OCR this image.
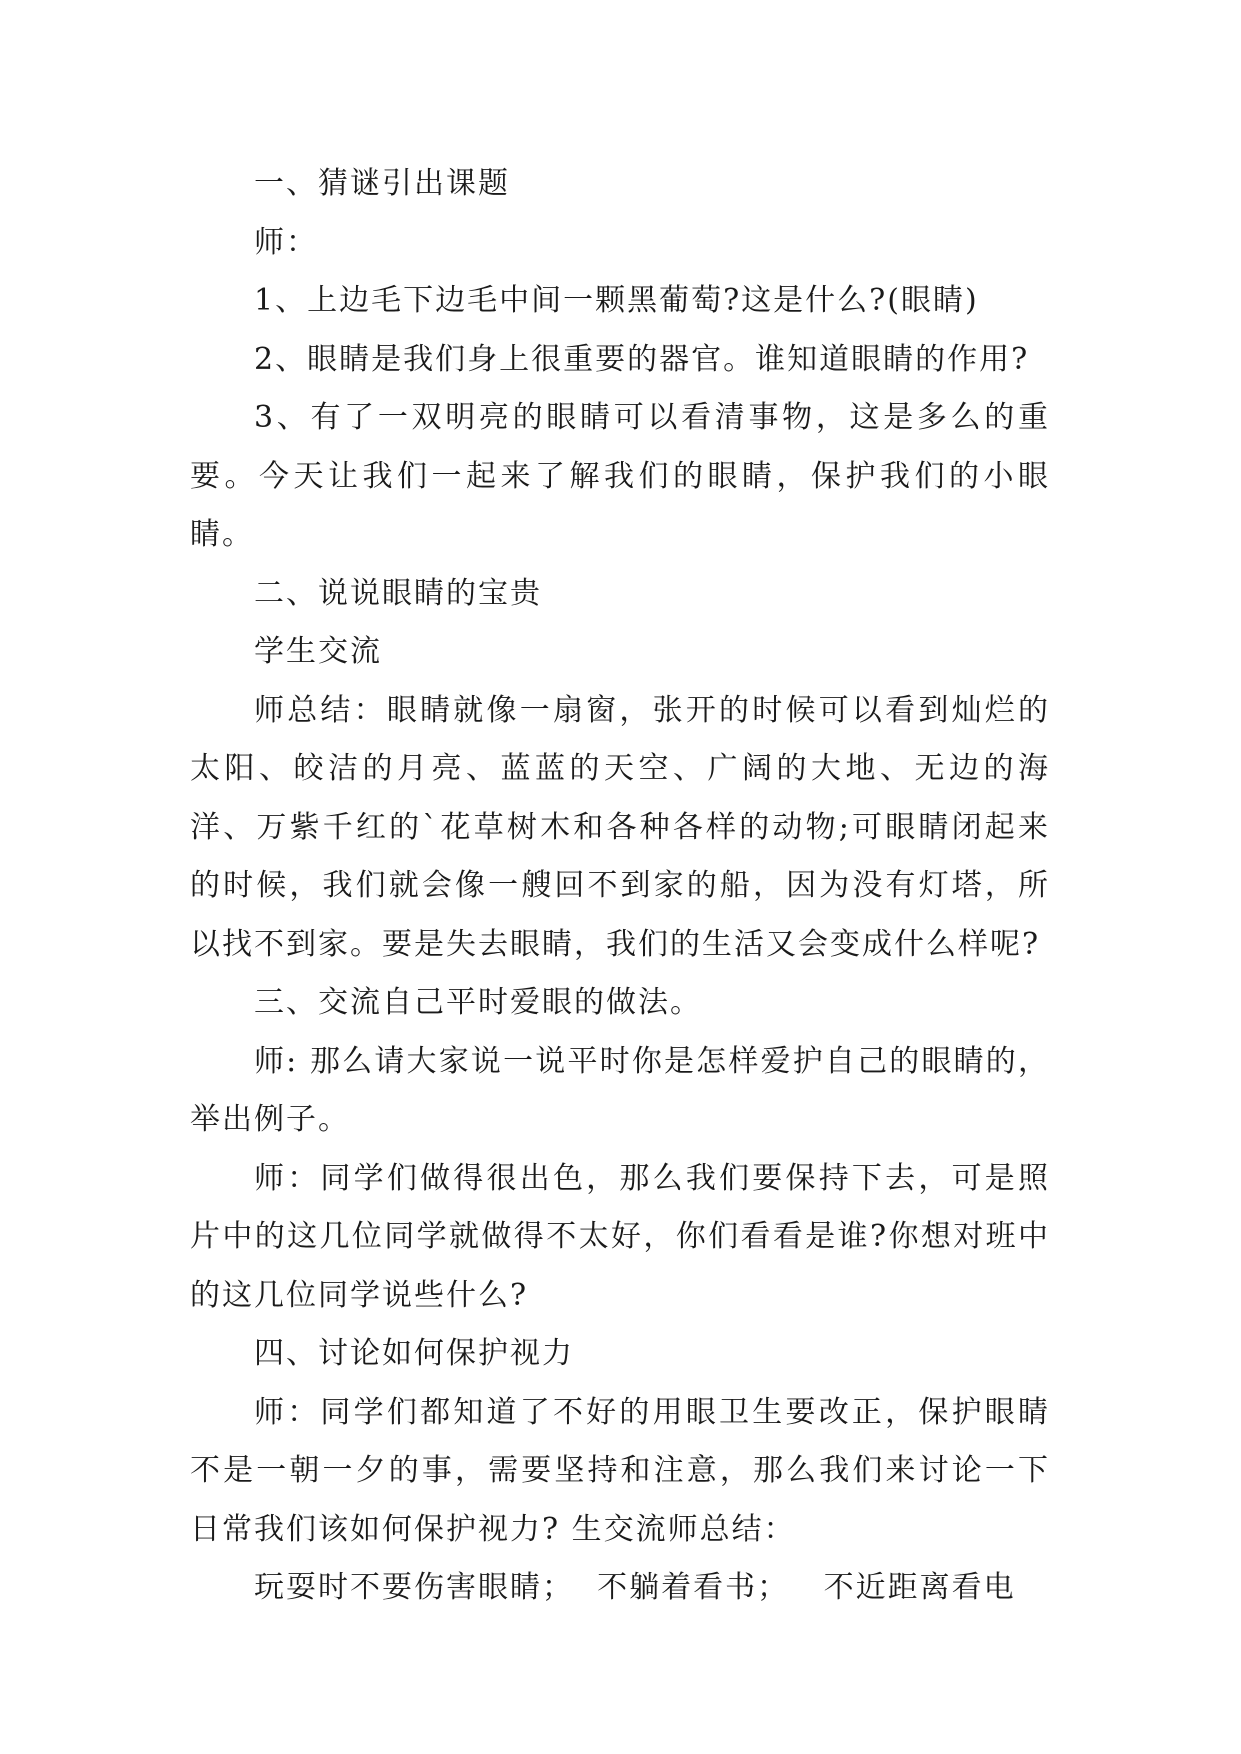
一、猜谜引出课题

师：

1、上边毛下边毛中间一颗黑葡萄?这是什么?(眼睛)

2、眼睛是我们身上很重要的器官。谁知道眼睛的作用?

3、有了一双明亮的眼睛可以看清事物，这是多么的重要。今天让我们一起来了解我们的眼睛，保护我们的小眼睛。

二、说说眼睛的宝贵

学生交流

师总结：眼睛就像一扇窗，张开的时候可以看到灿烂的太阳、皎洁的月亮、蓝蓝的天空、广阔的大地、无边的海洋、万紫千红的`花草树木和各种各样的动物;可眼睛闭起来的时候，我们就会像一艘回不到家的船，因为没有灯塔，所以找不到家。要是失去眼睛，我们的生活又会变成什么样呢?

三、交流自己平时爱眼的做法。

师: 那么请大家说一说平时你是怎样爱护自己的眼睛的，举出例子。

师：同学们做得很出色，那么我们要保持下去，可是照片中的这几位同学就做得不太好，你们看看是谁?你想对班中的这几位同学说些什么?

四、讨论如何保护视力

师：同学们都知道了不好的用眼卫生要改正，保护眼睛不是一朝一夕的事，需要坚持和注意，那么我们来讨论一下日常我们该如何保护视力? 生交流师总结：

玩耍时不要伤害眼睛；  不躺着看书；   不近距离看电
